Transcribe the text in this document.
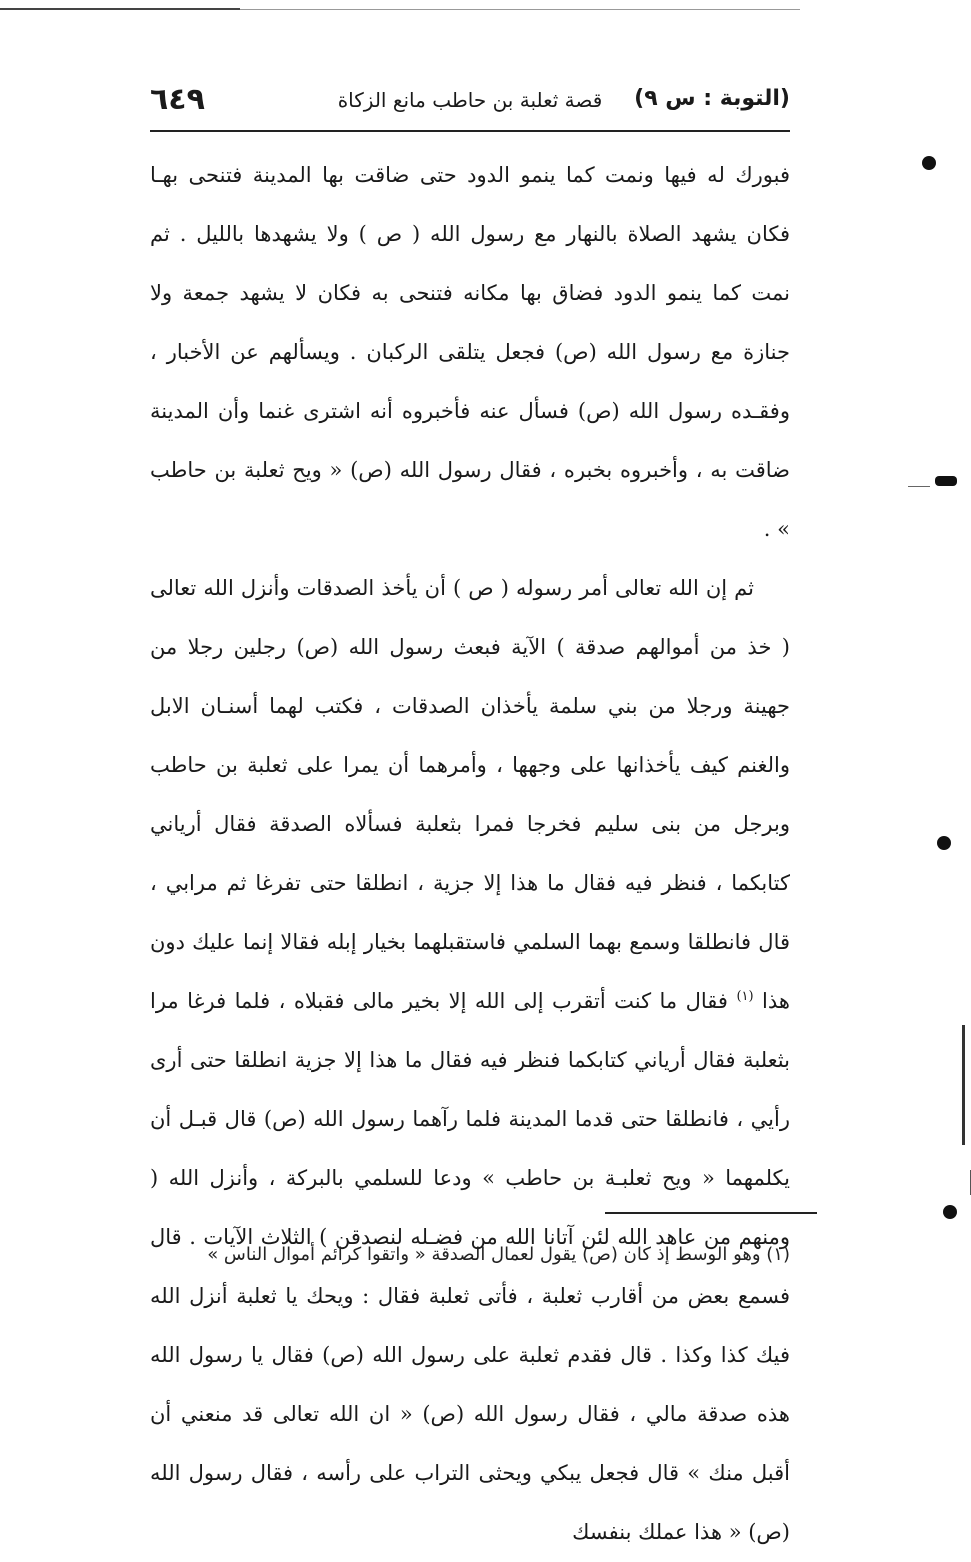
(التوبة : س ٩)
قصة ثعلبة بن حاطب مانع الزكاة
٦٤٩

فبورك له فيها ونمت كما ينمو الدود حتى ضاقت بها المدينة فتنحى بهـا فكان يشهد الصلاة بالنهار مع رسول الله ( ص ) ولا يشهدها بالليل . ثم نمت كما ينمو الدود فضاق بها مكانه فتنحى به فكان لا يشهد جمعة ولا جنازة مع رسول الله (ص) فجعل يتلقى الركبان . ويسألهم عن الأخبار ، وفقـده رسول الله (ص) فسأل عنه فأخبروه أنه اشترى غنما وأن المدينة ضاقت به ، وأخبروه بخبره ، فقال رسول الله (ص) « ويح ثعلبة بن حاطب » .

ثم إن الله تعالى أمر رسوله ( ص ) أن يأخذ الصدقات وأنزل الله تعالى ( خذ من أموالهم صدقة ) الآية فبعث رسول الله (ص) رجلين رجلا من جهينة ورجلا من بني سلمة يأخذان الصدقات ، فكتب لهما أسنـان الابل والغنم كيف يأخذانها على وجهها ، وأمرهما أن يمرا على ثعلبة بن حاطب وبرجل من بنى سليم فخرجا فمرا بثعلبة فسألاه الصدقة فقال أرياني كتابكما ، فنظر فيه فقال ما هذا إلا جزية ، انطلقا حتى تفرغا ثم مرابي ، قال فانطلقا وسمع بهما السلمي فاستقبلهما بخيار إبله فقالا إنما عليك دون هذا $^{(١)}$ فقال ما كنت أتقرب إلى الله إلا بخير مالى فقبلاه ، فلما فرغا مرا بثعلبة فقال أرياني كتابكما فنظر فيه فقال ما هذا إلا جزية انطلقا حتى أرى رأيي ، فانطلقا حتى قدما المدينة فلما رآهما رسول الله (ص) قال قبـل أن يكلمهما « ويح ثعلبـة بن حاطب » ودعا للسلمي بالبركة ، وأنزل الله ( ومنهم من عاهد الله لئن آتانا الله من فضـله لنصدقن ) الثلاث الآيات . قال فسمع بعض من أقارب ثعلبة ، فأتى ثعلبة فقال : ويحك يا ثعلبة أنزل الله فيك كذا وكذا . قال فقدم ثعلبة على رسول الله (ص) فقال يا رسول الله هذه صدقة مالي ، فقال رسول الله (ص) « ان الله تعالى قد منعني أن أقبل منك » قال فجعل يبكي ويحثى التراب على رأسه ، فقال رسول الله (ص) « هذا عملك بنفسك

(١) وهو الوسط إذ كان (ص) يقول لعمال الصدقة « واتقوا كرائم أموال الناس »
